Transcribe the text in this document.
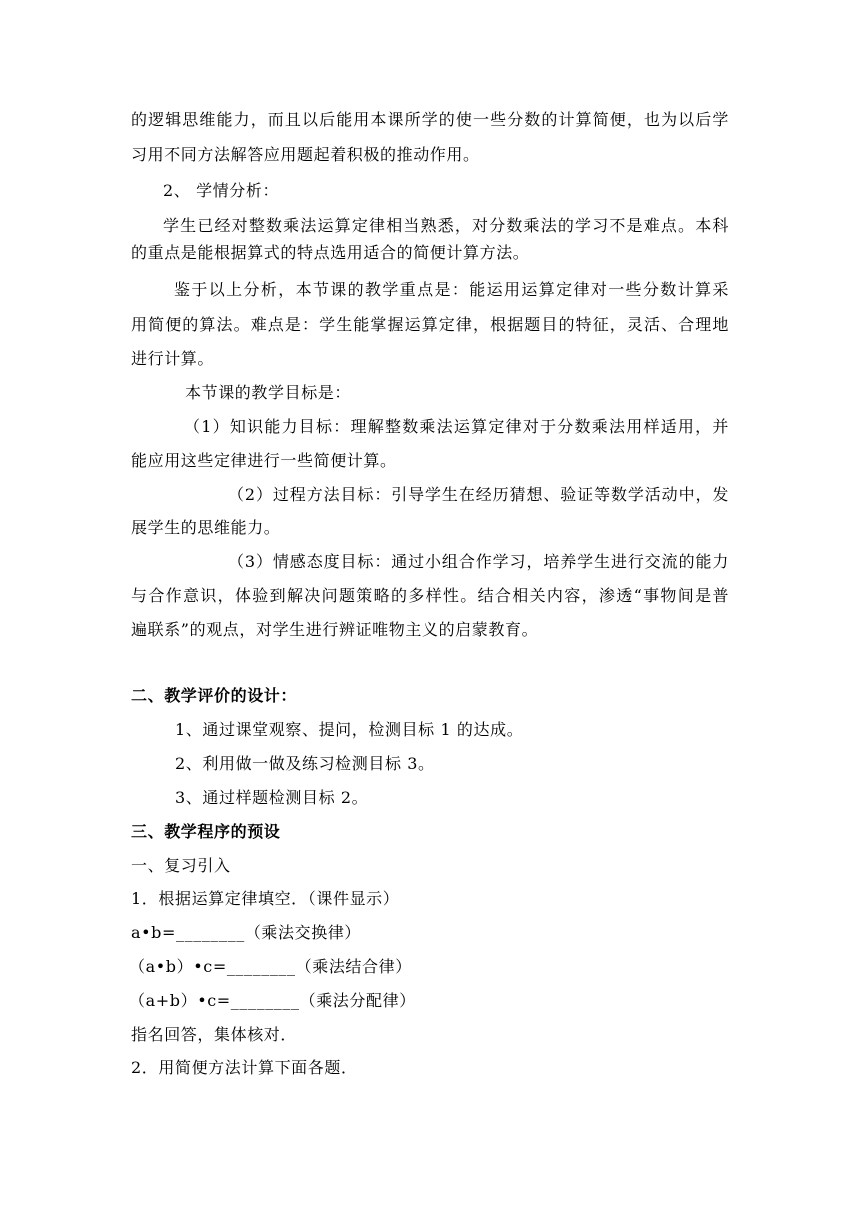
的逻辑思维能力，而且以后能用本课所学的使一些分数的计算简便，也为以后学
习用不同方法解答应用题起着积极的推动作用。
2、 学情分析：
学生已经对整数乘法运算定律相当熟悉，对分数乘法的学习不是难点。本科
的重点是能根据算式的特点选用适合的简便计算方法。
鉴于以上分析，本节课的教学重点是：能运用运算定律对一些分数计算采
用简便的算法。难点是：学生能掌握运算定律，根据题目的特征，灵活、合理地
进行计算。
本节课的教学目标是：
（1）知识能力目标：理解整数乘法运算定律对于分数乘法用样适用，并
能应用这些定律进行一些简便计算。
（2）过程方法目标：引导学生在经历猜想、验证等数学活动中，发
展学生的思维能力。
（3）情感态度目标：通过小组合作学习，培养学生进行交流的能力
与合作意识，体验到解决问题策略的多样性。结合相关内容，渗透“事物间是普
遍联系”的观点，对学生进行辨证唯物主义的启蒙教育。
二、教学评价的设计：
1、通过课堂观察、提问，检测目标 1 的达成。
2、利用做一做及练习检测目标 3。
3、通过样题检测目标 2。
三、教学程序的预设
一、复习引入
1．根据运算定律填空．（课件显示）
a•b=________（乘法交换律）
（a•b）•c=________（乘法结合律）
（a+b）•c=________（乘法分配律）
指名回答，集体核对．
2．用简便方法计算下面各题．
